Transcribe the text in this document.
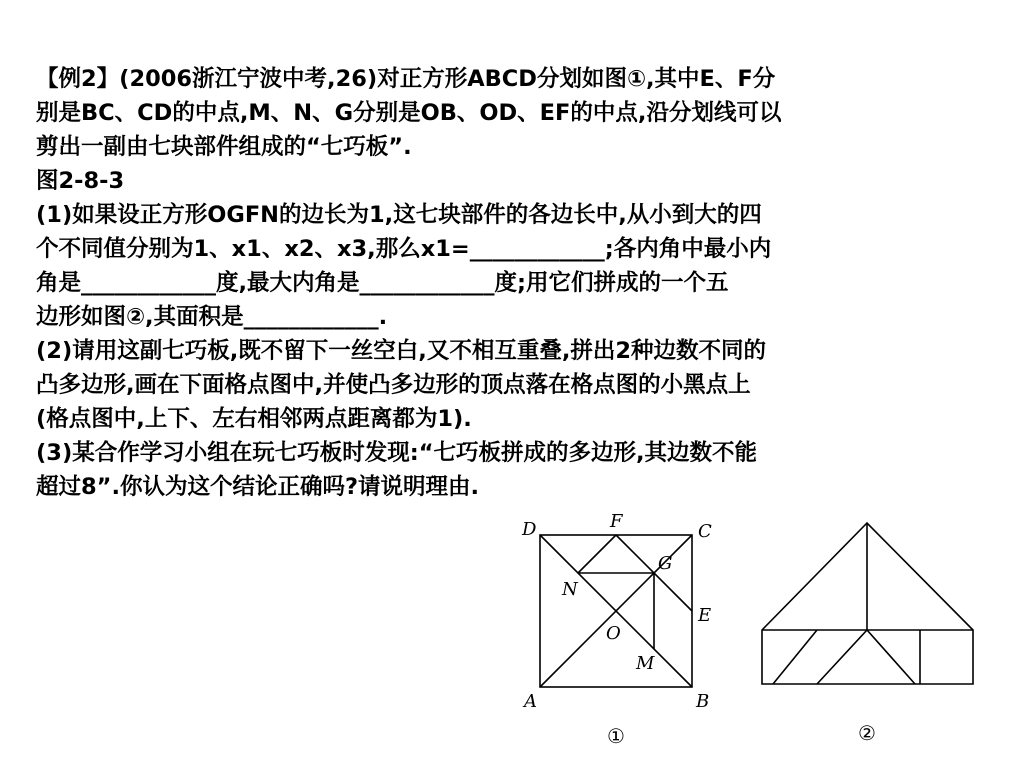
【例2】(2006浙江宁波中考,26)对正方形ABCD分划如图①,其中E、F分
别是BC、CD的中点,M、N、G分别是OB、OD、EF的中点,沿分划线可以
剪出一副由七块部件组成的“七巧板”.
图2-8-3
(1)如果设正方形OGFN的边长为1,这七块部件的各边长中,从小到大的四
个不同值分别为1、x1、x2、x3,那么x1=____________;各内角中最小内
角是____________度,最大内角是____________度;用它们拼成的一个五
边形如图②,其面积是____________.
(2)请用这副七巧板,既不留下一丝空白,又不相互重叠,拼出2种边数不同的
凸多边形,画在下面格点图中,并使凸多边形的顶点落在格点图的小黑点上
(格点图中,上下、左右相邻两点距离都为1).
(3)某合作学习小组在玩七巧板时发现:“七巧板拼成的多边形,其边数不能
超过8”.你认为这个结论正确吗?请说明理由.
D	F	C
G
N
E
O
M
A	B
①	②
